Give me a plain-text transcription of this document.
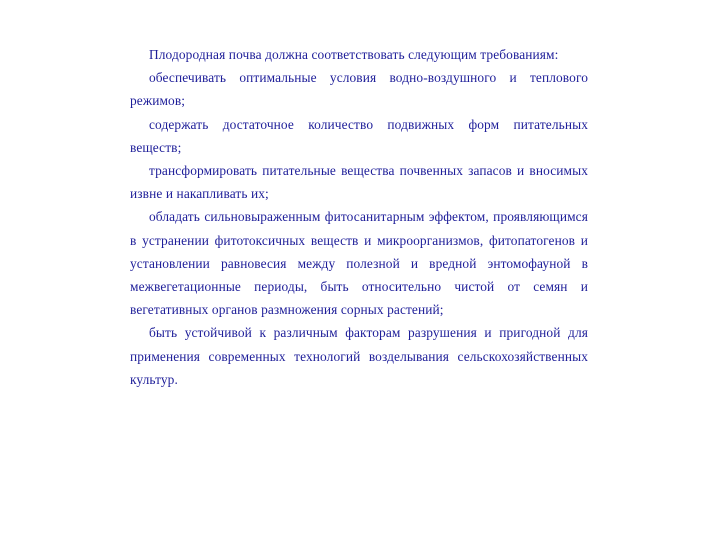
Плодородная почва должна соответствовать следующим требованиям:

обеспечивать оптимальные условия водно-воздушного и теплового режимов;

содержать достаточное количество подвижных форм питательных веществ;

трансформировать питательные вещества почвенных запасов и вносимых извне и накапливать их;

обладать сильновыраженным фитосанитарным эффектом, проявляющимся в устранении фитотоксичных веществ и микроорганизмов, фитопатогенов и установлении равновесия между полезной и вредной энтомофауной в межвегетационные периоды, быть относительно чистой от семян и вегетативных органов размножения сорных растений;

быть устойчивой к различным факторам разрушения и пригодной для применения современных технологий возделывания сельскохозяйственных культур.
